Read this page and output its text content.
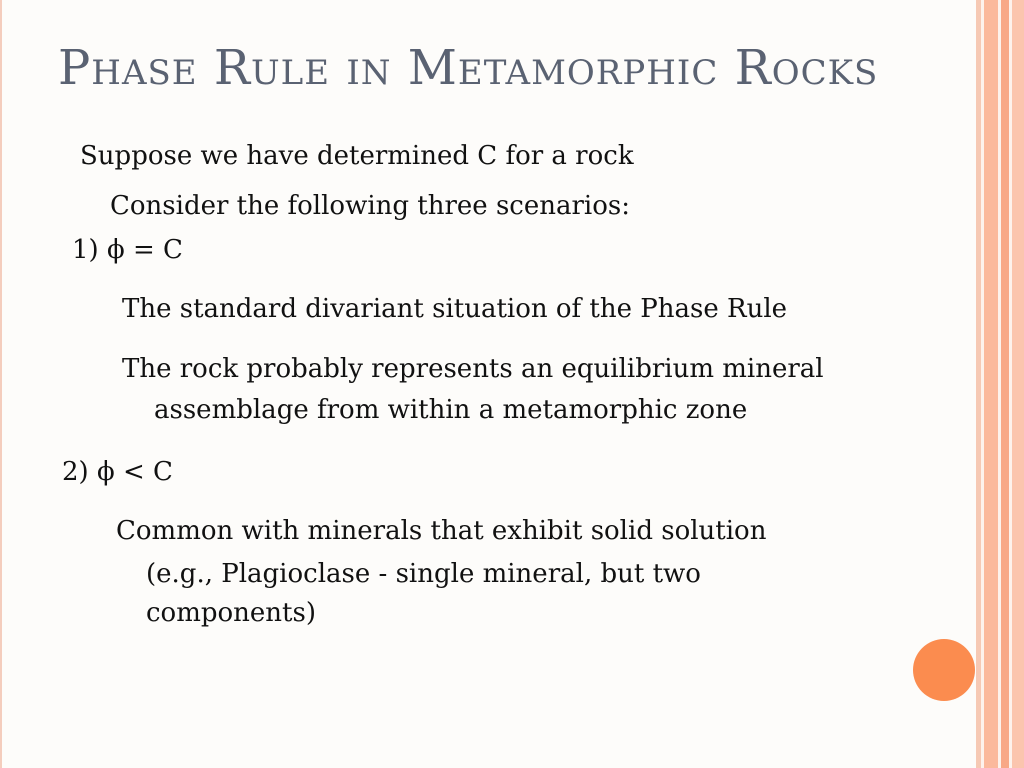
Phase Rule in Metamorphic Rocks
Suppose we have determined C for a rock
Consider the following three scenarios:
1) ϕ = C
The standard divariant situation of the Phase Rule
The rock probably represents an equilibrium mineral
assemblage from within a metamorphic zone
2) ϕ < C
Common with minerals that exhibit solid solution
(e.g., Plagioclase - single mineral, but two
components)
